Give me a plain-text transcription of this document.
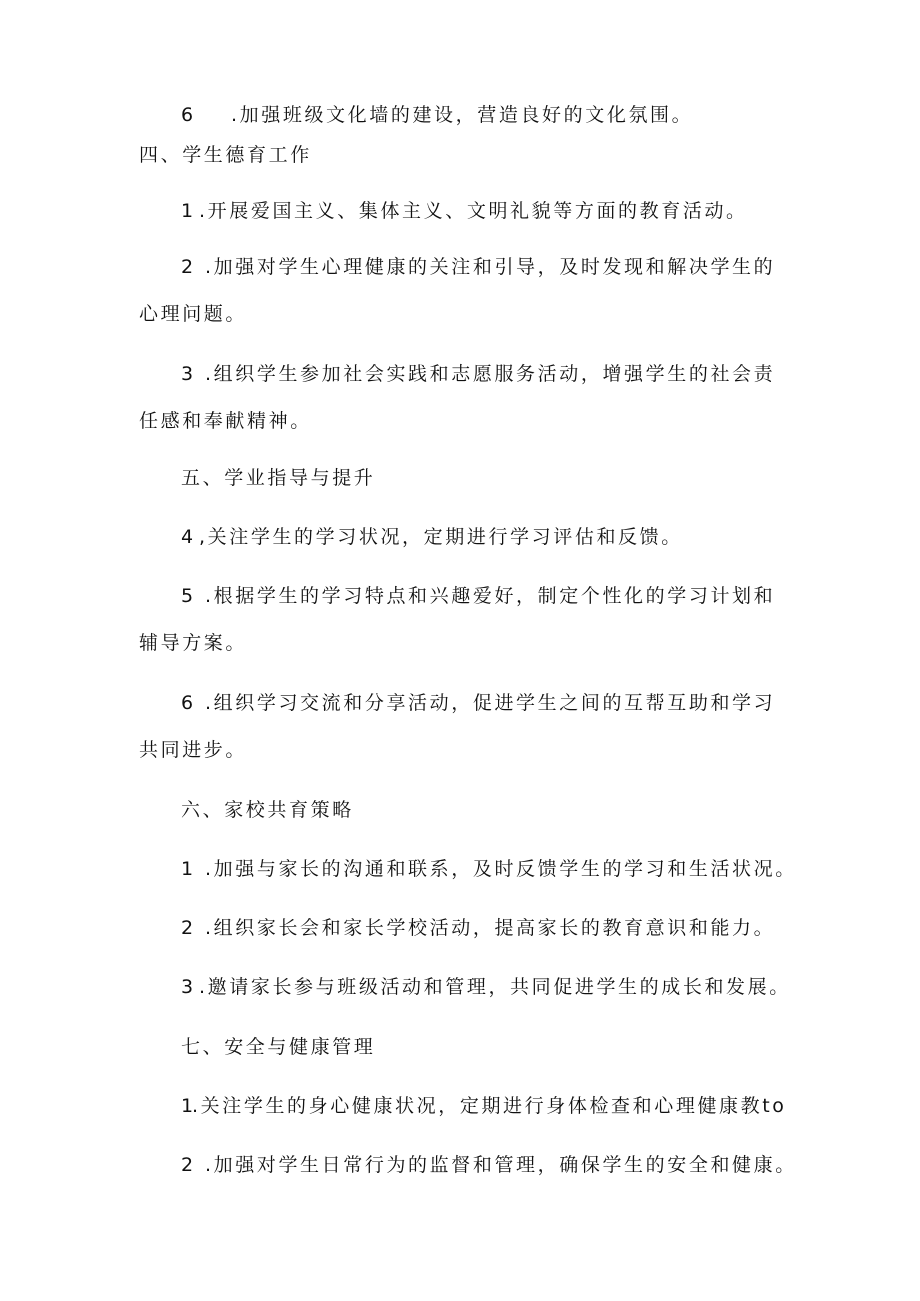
6 .加强班级文化墙的建设，营造良好的文化氛围。
四、学生德育工作
1 .开展爱国主义、集体主义、文明礼貌等方面的教育活动。
2 .加强对学生心理健康的关注和引导，及时发现和解决学生的
心理问题。
3 .组织学生参加社会实践和志愿服务活动，增强学生的社会责
任感和奉献精神。
五、学业指导与提升
4 ,关注学生的学习状况，定期进行学习评估和反馈。
5 .根据学生的学习特点和兴趣爱好，制定个性化的学习计划和
辅导方案。
6 .组织学习交流和分享活动，促进学生之间的互帮互助和学习
共同进步。
六、家校共育策略
1 .加强与家长的沟通和联系，及时反馈学生的学习和生活状况。
2 .组织家长会和家长学校活动，提高家长的教育意识和能力。
3 .邀请家长参与班级活动和管理，共同促进学生的成长和发展。
七、安全与健康管理
1.关注学生的身心健康状况，定期进行身体检查和心理健康教to
2 .加强对学生日常行为的监督和管理，确保学生的安全和健康。
